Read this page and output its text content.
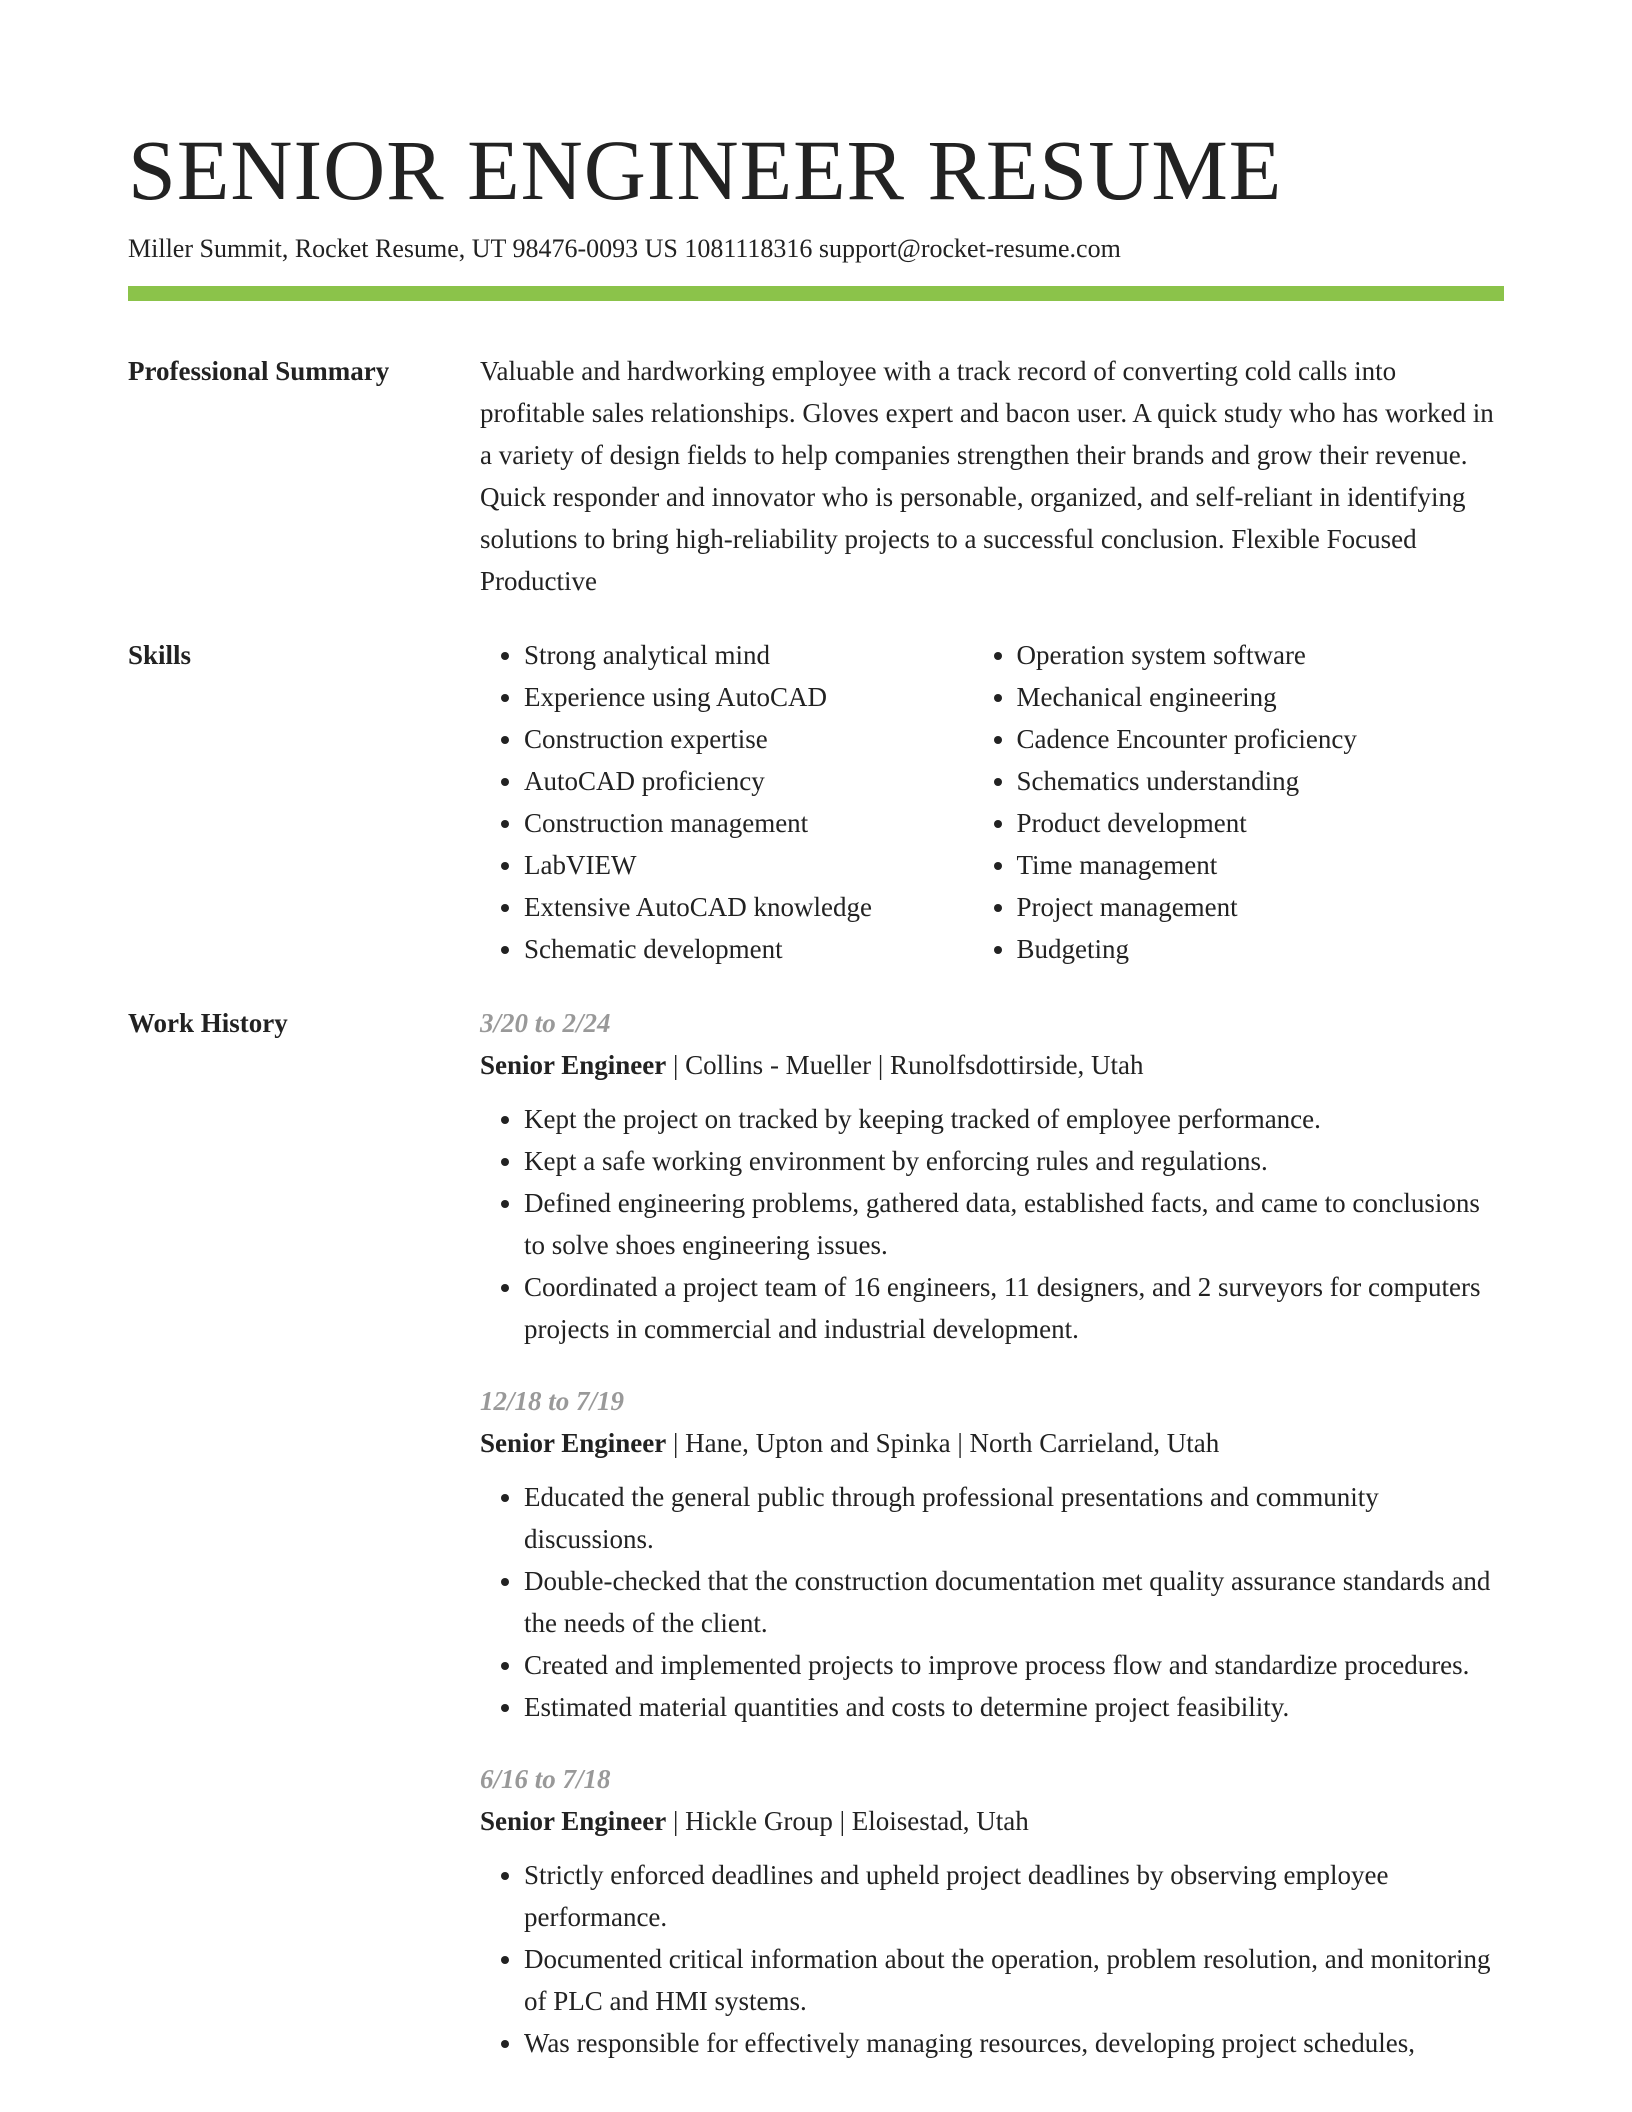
SENIOR ENGINEER RESUME
Miller Summit, Rocket Resume, UT 98476-0093 US 1081118316 support@rocket-resume.com
Professional Summary	Valuable and hardworking employee with a track record of converting cold calls into profitable sales relationships. Gloves expert and bacon user. A quick study who has worked in a variety of design fields to help companies strengthen their brands and grow their revenue. Quick responder and innovator who is personable, organized, and self-reliant in identifying solutions to bring high-reliability projects to a successful conclusion. Flexible Focused Productive

Skills
•	Strong analytical mind
• Experience using AutoCAD
• Construction expertise
• AutoCAD proficiency
• Construction management
• LabVIEW
• Extensive AutoCAD knowledge
• Schematic development
• Operation system software
• Mechanical engineering
• Cadence Encounter proficiency
• Schematics understanding
• Product development
• Time management
• Project management
• Budgeting
Work History	3/20 to 2/24
Senior Engineer | Collins - Mueller | Runolfsdottirside, Utah
• Kept the project on tracked by keeping tracked of employee performance.
• Kept a safe working environment by enforcing rules and regulations.
• Defined engineering problems, gathered data, established facts, and came to conclusions to solve shoes engineering issues.
• Coordinated a project team of 16 engineers, 11 designers, and 2 surveyors for computers projects in commercial and industrial development.
12/18 to 7/19
Senior Engineer | Hane, Upton and Spinka | North Carrieland, Utah
• Educated the general public through professional presentations and community discussions.
• Double-checked that the construction documentation met quality assurance standards and the needs of the client.
• Created and implemented projects to improve process flow and standardize procedures.
• Estimated material quantities and costs to determine project feasibility.
6/16 to 7/18
Senior Engineer | Hickle Group | Eloisestad, Utah
• Strictly enforced deadlines and upheld project deadlines by observing employee performance.
• Documented critical information about the operation, problem resolution, and monitoring of PLC and HMI systems.
• Was responsible for effectively managing resources, developing project schedules,
